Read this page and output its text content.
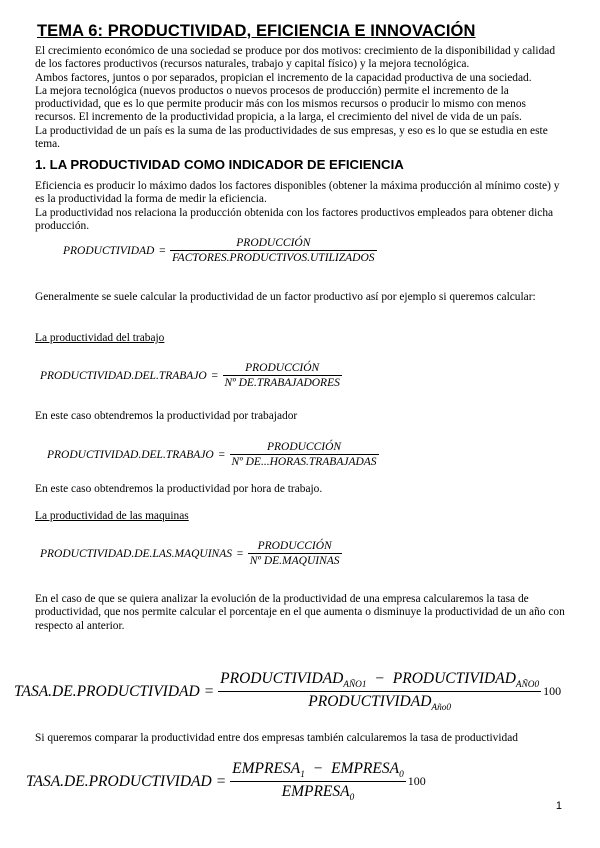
TEMA 6: PRODUCTIVIDAD, EFICIENCIA E INNOVACIÓN
El crecimiento económico de una sociedad se produce por dos motivos: crecimiento de la disponibilidad y calidad de los factores productivos (recursos naturales, trabajo y capital físico) y la mejora tecnológica.
Ambos factores, juntos o por separados, propician el incremento de la capacidad productiva de una sociedad.
La mejora tecnológica (nuevos productos o nuevos procesos de producción) permite el incremento de la productividad, que es lo que permite producir más con los mismos recursos o producir lo mismo con menos recursos. El incremento de la productividad propicia, a la larga, el crecimiento del nivel de vida de un país.
La productividad de un país es la suma de las productividades de sus empresas, y eso es lo que se estudia en este tema.
1. LA PRODUCTIVIDAD COMO INDICADOR DE EFICIENCIA
Eficiencia es producir lo máximo dados los factores disponibles (obtener la máxima producción al mínimo coste) y es la productividad la forma de medir la eficiencia.
La productividad nos relaciona la producción obtenida con los factores productivos empleados para obtener dicha producción.
PRODUCTIVIDAD = $\frac{\text{PRODUCCIÓN}}{\text{FACTORES.PRODUCTIVOS.UTILIZADOS}}$
Generalmente se suele calcular la productividad de un factor productivo así por ejemplo si queremos calcular:
La productividad del trabajo
PRODUCTIVIDAD.DEL.TRABAJO = $\frac{\text{PRODUCCIÓN}}{\text{Nº DE.TRABAJADORES}}$
En este caso obtendremos la productividad por trabajador
PRODUCTIVIDAD.DEL.TRABAJO = $\frac{\text{PRODUCCIÓN}}{\text{Nº DE...HORAS.TRABAJADAS}}$
En este caso obtendremos la productividad por hora de trabajo.
La productividad de las maquinas
PRODUCTIVIDAD.DE.LAS.MAQUINAS = $\frac{\text{PRODUCCIÓN}}{\text{Nº DE.MAQUINAS}}$
En el caso de que se quiera analizar la evolución de la productividad de una empresa calcularemos la tasa de productividad, que nos permite calcular el porcentaje en el que aumenta o disminuye la productividad de un año con respecto al anterior.
TASA.DE.PRODUCTIVIDAD = $\frac{PRODUCTIVIDAD_{AÑO1} - PRODUCTIVIDAD_{AÑO0}}{PRODUCTIVIDAD_{Año0}} 100$
Si queremos comparar la productividad entre dos empresas también calcularemos la tasa de productividad
TASA.DE.PRODUCTIVIDAD = $\frac{EMPRESA_1 - EMPRESA_0}{EMPRESA_0} 100$
1
